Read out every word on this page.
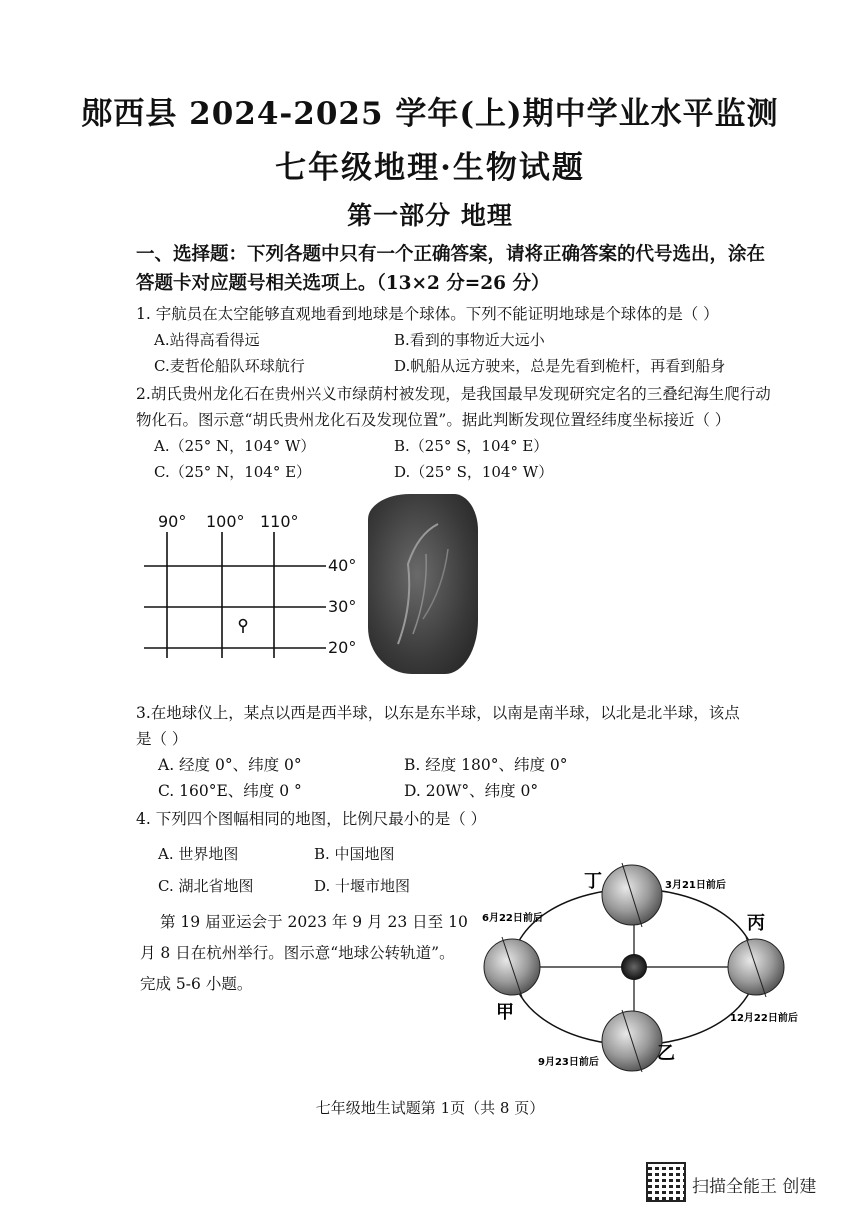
郧西县 2024-2025 学年(上)期中学业水平监测
七年级地理·生物试题
第一部分 地理
一、选择题：下列各题中只有一个正确答案，请将正确答案的代号选出，涂在
答题卡对应题号相关选项上。（13×2 分=26 分）
1. 宇航员在太空能够直观地看到地球是个球体。下列不能证明地球是个球体的是（ ）
A.站得高看得远	B.看到的事物近大远小
C.麦哲伦船队环球航行	D.帆船从远方驶来，总是先看到桅杆，再看到船身
2.胡氏贵州龙化石在贵州兴义市绿荫村被发现，是我国最早发现研究定名的三叠纪海生爬行动
物化石。图示意“胡氏贵州龙化石及发现位置”。据此判断发现位置经纬度坐标接近（ ）
A.（25° N，104° W）	B.（25° S，104° E）
C.（25° N，104° E）	D.（25° S，104° W）
90° 100° 110°
40°
30°
20°
3.在地球仪上，某点以西是西半球，以东是东半球，以南是南半球，以北是北半球，该点
是（ ）
A. 经度 0°、纬度 0°	B. 经度 180°、纬度 0°
C. 160°E、纬度 0 °	D. 20W°、纬度 0°
4. 下列四个图幅相同的地图，比例尺最小的是（ ）
A. 世界地图	B. 中国地图
C. 湖北省地图	D. 十堰市地图
第 19 届亚运会于 2023 年 9 月 23 日至 10
月 8 日在杭州举行。图示意“地球公转轨道”。
完成 5-6 小题。
丁
甲
丙
乙
6月22日前后
3月21日前后
12月22日前后
9月23日前后
七年级地生试题第 1页（共 8 页）
扫描全能王 创建
